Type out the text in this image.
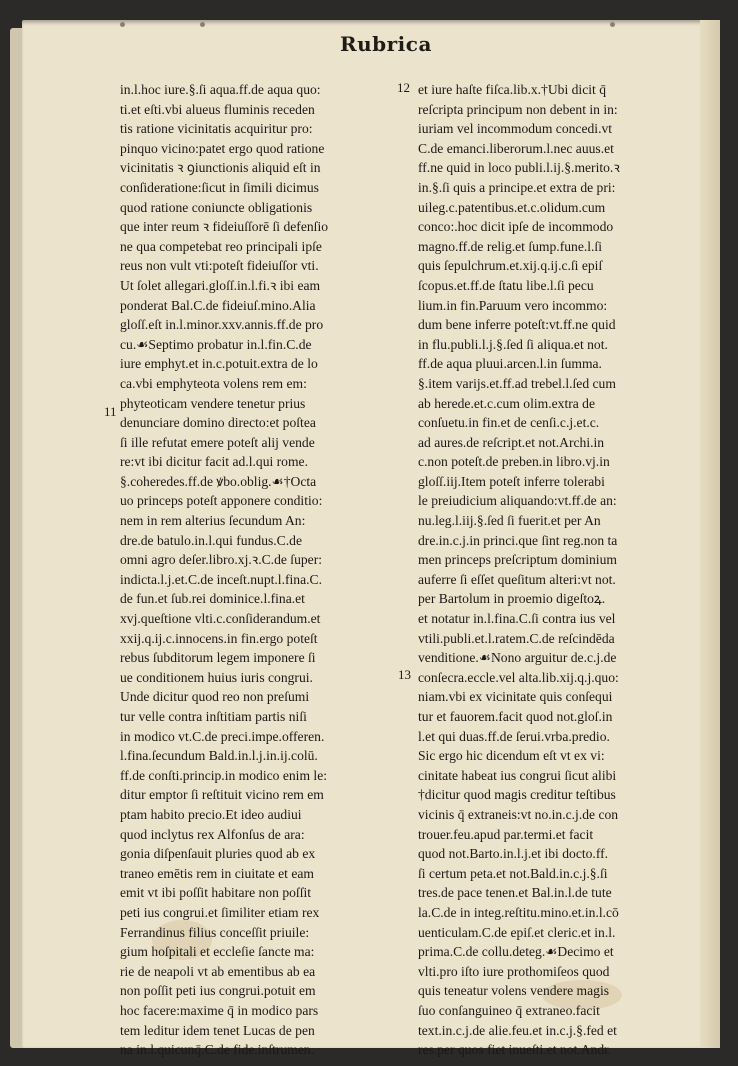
Rubrica
11
12
13
in.l.hoc iure.§.ſi aqua.ff.de aqua quo:
ti.et eſti.vbi alueus fluminis receden
tis ratione vicinitatis acquiritur pro:
pinquo vicino:patet ergo quod ratione
vicinitatis ꝛ ꝯiunctionis aliquid eſt in
conſideratione:ſicut in ſimili dicimus
quod ratione coniuncte obligationis
que inter reum ꝛ fideiuſſorē ſi defenſio
ne qua competebat reo principali ipſe
reus non vult vti:poteſt fideiuſſor vti.
Ut ſolet allegari.gloſſ.in.l.fi.ꝛ ibi eam
ponderat Bal.C.de fideiuſ.mino.Alia
gloſſ.eſt in.l.minor.xxv.annis.ff.de pro
cu.☙Septimo probatur in.l.fin.C.de
iure emphyt.et in.c.potuit.extra de lo
ca.vbi emphyteota volens rem em:
phyteoticam vendere tenetur prius
denunciare domino directo:et poſtea
ſi ille refutat emere poteſt alij vende
re:vt ibi dicitur facit ad.l.qui rome.
§.coheredes.ff.de ꝟbo.oblig.☙†Octa
uo princeps poteſt apponere conditio:
nem in rem alterius ſecundum An:
dre.de batulo.in.l.qui fundus.C.de
omni agro deſer.libro.xj.ꝛ.C.de ſuper:
indicta.l.j.et.C.de inceſt.nupt.l.fina.C.
de fun.et ſub.rei dominice.l.fina.et
xvj.queſtione vlti.c.conſiderandum.et
xxij.q.ij.c.innocens.in fin.ergo poteſt
rebus ſubditorum legem imponere ſi
ue conditionem huius iuris congrui.
Unde dicitur quod reo non preſumi
tur velle contra inſtitiam partis niſi
in modico vt.C.de preci.impe.offeren.
l.fina.ſecundum Bald.in.l.j.in.ij.colū.
ff.de conſti.princip.in modico enim le:
ditur emptor ſi reſtituit vicino rem em
ptam habito precio.Et ideo audiui
quod inclytus rex Alfonſus de ara:
gonia diſpenſauit pluries quod ab ex
traneo emētis rem in ciuitate et eam
emit vt ibi poſſit habitare non poſſit
peti ius congrui.et ſimiliter etiam rex
Ferrandinus filius conceſſit priuile:
gium hoſpitali et eccleſie ſancte ma:
rie de neapoli vt ab ementibus ab ea
non poſſit peti ius congrui.potuit em
hoc facere:maxime q̄ in modico pars
tem leditur idem tenet Lucas de pen
na in.l.quicunq̄.C.de fide.inſtrumen.
et iure haſte fiſca.lib.x.†Ubi dicit q̄
reſcripta principum non debent in in:
iuriam vel incommodum concedi.vt
C.de emanci.liberorum.l.nec auus.et
ff.ne quid in loco publi.l.ij.§.merito.ꝛ
in.§.ſi quis a principe.et extra de pri:
uileg.c.patentibus.et.c.olidum.cum
conco:.hoc dicit ipſe de incommodo
magno.ff.de relig.et ſump.fune.l.ſi
quis ſepulchrum.et.xij.q.ij.c.ſi epiſ
ſcopus.et.ff.de ſtatu libe.l.ſi pecu
lium.in fin.Paruum vero incommo:
dum bene inferre poteſt:vt.ff.ne quid
in flu.publi.l.j.§.ſed ſi aliqua.et not.
ff.de aqua pluui.arcen.l.in ſumma.
§.item varijs.et.ff.ad trebel.l.ſed cum
ab herede.et.c.cum olim.extra de
conſuetu.in fin.et de cenſi.c.j.et.c.
ad aures.de reſcript.et not.Archi.in
c.non poteſt.de preben.in libro.vj.in
gloſſ.iij.Item poteſt inferre tolerabi
le preiudicium aliquando:vt.ff.de an:
nu.leg.l.iij.§.ſed ſi fuerit.et per An
dre.in.c.j.in princi.que ſint reg.non ta
men princeps preſcriptum dominium
auferre ſi eſſet queſitum alteri:vt not.
per Bartolum in proemio digeſtoꝝ.
et notatur in.l.fina.C.ſi contra ius vel
vtili.publi.et.l.ratem.C.de reſcindēda
venditione.☙Nono arguitur de.c.j.de
conſecra.eccle.vel alta.lib.xij.q.j.quo:
niam.vbi ex vicinitate quis conſequi
tur et fauorem.facit quod not.gloſ.in
l.et qui duas.ff.de ſerui.vrba.predio.
Sic ergo hic dicendum eſt vt ex vi:
cinitate habeat ius congrui ſicut alibi
†dicitur quod magis creditur teſtibus
vicinis q̄ extraneis:vt no.in.c.j.de con
trouer.feu.apud par.termi.et facit
quod not.Barto.in.l.j.et ibi docto.ff.
ſi certum peta.et not.Bald.in.c.j.§.ſi
tres.de pace tenen.et Bal.in.l.de tute
la.C.de in integ.reſtitu.mino.et.in.l.cō
uenticulam.C.de epiſ.et cleric.et in.l.
prima.C.de collu.deteg.☙Decimo et
vlti.pro iſto iure prothomiſeos quod
quis teneatur volens vendere magis
ſuo conſanguineo q̄ extraneo.facit
text.in.c.j.de alie.feu.et in.c.j.§.fed et
res.per quos fiet inueſti.et not.Andr.
